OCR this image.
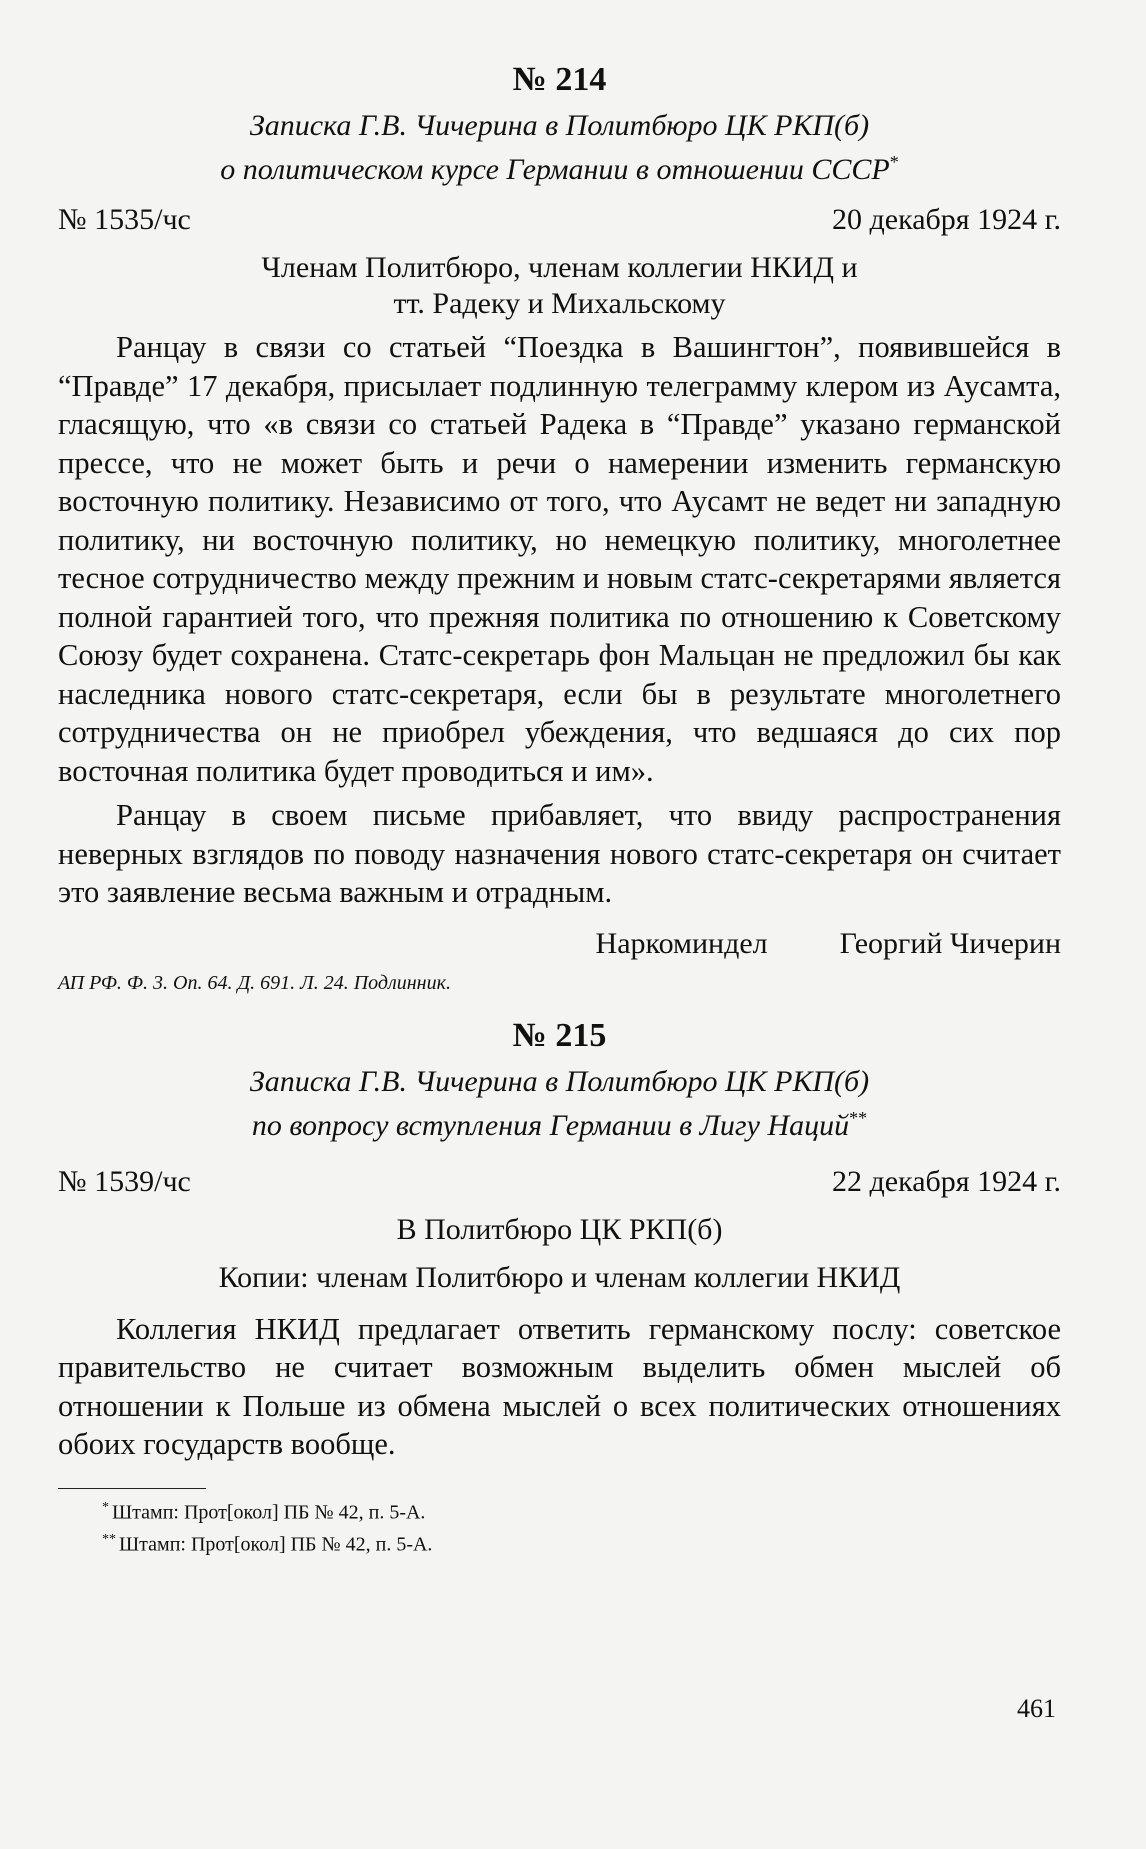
№ 214
Записка Г.В. Чичерина в Политбюро ЦК РКП(б)
о политическом курсе Германии в отношении СССР*
№ 1535/чс	20 декабря 1924 г.
Членам Политбюро, членам коллегии НКИД и
тт. Радеку и Михальскому

Ранцау в связи со статьей “Поездка в Вашингтон”, появившейся в “Правде” 17 декабря, присылает подлинную телеграмму клером из Аусамта, гласящую, что «в связи со статьей Радека в “Правде” указано германской прессе, что не может быть и речи о намерении изменить германскую восточную политику. Независимо от того, что Аусамт не ведет ни западную политику, ни восточную политику, но немецкую политику, многолетнее тесное сотрудничество между прежним и новым статс-секретарями является полной гарантией того, что прежняя политика по отношению к Советскому Союзу будет сохранена. Статс-секретарь фон Мальцан не предложил бы как наследника нового статс-секретаря, если бы в результате многолетнего сотрудничества он не приобрел убеждения, что ведшаяся до сих пор восточная политика будет проводиться и им».

Ранцау в своем письме прибавляет, что ввиду распространения неверных взглядов по поводу назначения нового статс-секретаря он считает это заявление весьма важным и отрадным.

Наркоминдел Георгий Чичерин
АП РФ. Ф. 3. Оп. 64. Д. 691. Л. 24. Подлинник.
№ 215
Записка Г.В. Чичерина в Политбюро ЦК РКП(б)
по вопросу вступления Германии в Лигу Наций**
№ 1539/чс	22 декабря 1924 г.
В Политбюро ЦК РКП(б)
Копии: членам Политбюро и членам коллегии НКИД

Коллегия НКИД предлагает ответить германскому послу: советское правительство не считает возможным выделить обмен мыслей об отношении к Польше из обмена мыслей о всех политических отношениях обоих государств вообще.

* Штамп: Прот[окол] ПБ № 42, п. 5-А.
** Штамп: Прот[окол] ПБ № 42, п. 5-А.
461
